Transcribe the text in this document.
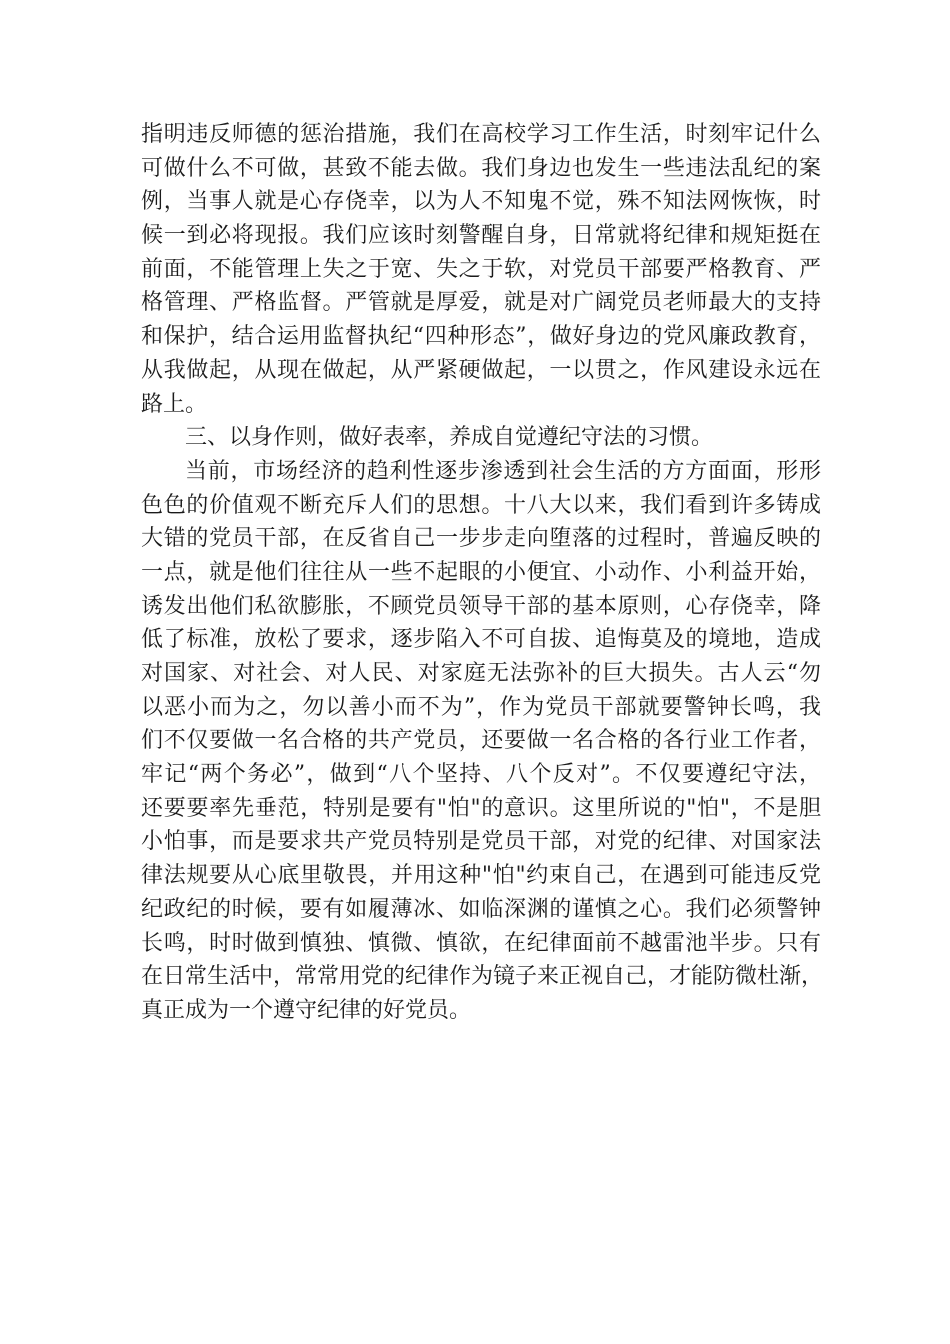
指明违反师德的惩治措施，我们在高校学习工作生活，时刻牢记什么
可做什么不可做，甚致不能去做。我们身边也发生一些违法乱纪的案
例，当事人就是心存侥幸，以为人不知鬼不觉，殊不知法网恢恢，时
候一到必将现报。我们应该时刻警醒自身，日常就将纪律和规矩挺在
前面，不能管理上失之于宽、失之于软，对党员干部要严格教育、严
格管理、严格监督。严管就是厚爱，就是对广阔党员老师最大的支持
和保护，结合运用监督执纪“四种形态”，做好身边的党风廉政教育，
从我做起，从现在做起，从严紧硬做起，一以贯之，作风建设永远在
路上。
三、以身作则，做好表率，养成自觉遵纪守法的习惯。
当前，市场经济的趋利性逐步渗透到社会生活的方方面面，形形
色色的价值观不断充斥人们的思想。十八大以来，我们看到许多铸成
大错的党员干部，在反省自己一步步走向堕落的过程时，普遍反映的
一点，就是他们往往从一些不起眼的小便宜、小动作、小利益开始，
诱发出他们私欲膨胀，不顾党员领导干部的基本原则，心存侥幸，降
低了标准，放松了要求，逐步陷入不可自拔、追悔莫及的境地，造成
对国家、对社会、对人民、对家庭无法弥补的巨大损失。古人云“勿
以恶小而为之，勿以善小而不为”，作为党员干部就要警钟长鸣，我
们不仅要做一名合格的共产党员，还要做一名合格的各行业工作者，
牢记“两个务必”，做到“八个坚持、八个反对”。不仅要遵纪守法，
还要要率先垂范，特别是要有"怕"的意识。这里所说的"怕"，不是胆
小怕事，而是要求共产党员特别是党员干部，对党的纪律、对国家法
律法规要从心底里敬畏，并用这种"怕"约束自己，在遇到可能违反党
纪政纪的时候，要有如履薄冰、如临深渊的谨慎之心。我们必须警钟
长鸣，时时做到慎独、慎微、慎欲，在纪律面前不越雷池半步。只有
在日常生活中，常常用党的纪律作为镜子来正视自己，才能防微杜渐，
真正成为一个遵守纪律的好党员。
